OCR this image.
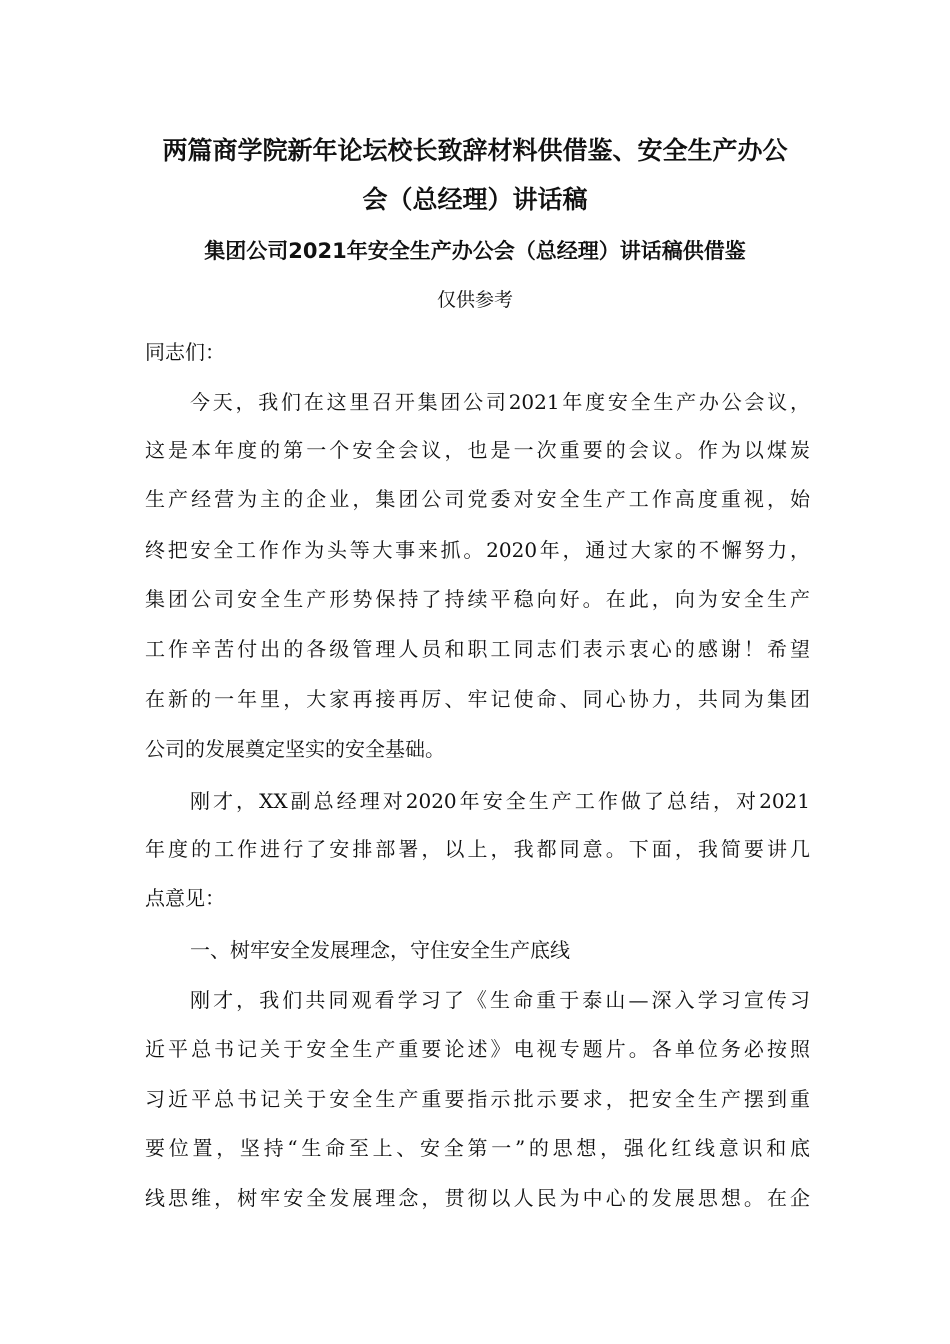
两篇商学院新年论坛校长致辞材料供借鉴、安全生产办公
会（总经理）讲话稿
集团公司2021年安全生产办公会（总经理）讲话稿供借鉴
仅供参考
同志们：
今天，我们在这里召开集团公司2021年度安全生产办公会议，
这是本年度的第一个安全会议，也是一次重要的会议。作为以煤炭
生产经营为主的企业，集团公司党委对安全生产工作高度重视，始
终把安全工作作为头等大事来抓。2020年，通过大家的不懈努力，
集团公司安全生产形势保持了持续平稳向好。在此，向为安全生产
工作辛苦付出的各级管理人员和职工同志们表示衷心的感谢！希望
在新的一年里，大家再接再厉、牢记使命、同心协力，共同为集团
公司的发展奠定坚实的安全基础。
刚才，XX副总经理对2020年安全生产工作做了总结，对2021
年度的工作进行了安排部署，以上，我都同意。下面，我简要讲几
点意见：
一、树牢安全发展理念，守住安全生产底线
刚才，我们共同观看学习了《生命重于泰山—深入学习宣传习
近平总书记关于安全生产重要论述》电视专题片。各单位务必按照
习近平总书记关于安全生产重要指示批示要求，把安全生产摆到重
要位置，坚持“生命至上、安全第一”的思想，强化红线意识和底
线思维，树牢安全发展理念，贯彻以人民为中心的发展思想。在企
